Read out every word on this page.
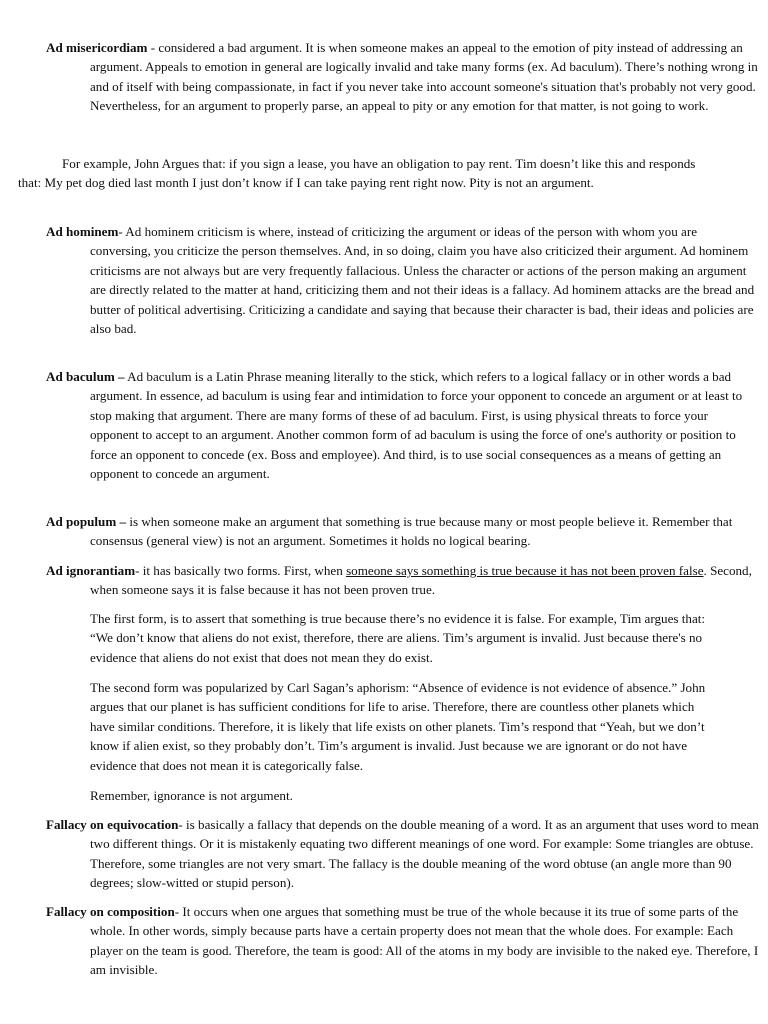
Ad misericordiam - considered a bad argument. It is when someone makes an appeal to the emotion of pity instead of addressing an argument. Appeals to emotion in general are logically invalid and take many forms (ex. Ad baculum). There’s nothing wrong in and of itself with being compassionate, in fact if you never take into account someone's situation that's probably not very good. Nevertheless, for an argument to properly parse, an appeal to pity or any emotion for that matter, is not going to work.

For example, John Argues that: if you sign a lease, you have an obligation to pay rent. Tim doesn’t like this and responds that: My pet dog died last month I just don’t know if I can take paying rent right now. Pity is not an argument.

Ad hominem- Ad hominem criticism is where, instead of criticizing the argument or ideas of the person with whom you are conversing, you criticize the person themselves. And, in so doing, claim you have also criticized their argument. Ad hominem criticisms are not always but are very frequently fallacious. Unless the character or actions of the person making an argument are directly related to the matter at hand, criticizing them and not their ideas is a fallacy. Ad hominem attacks are the bread and butter of political advertising. Criticizing a candidate and saying that because their character is bad, their ideas and policies are also bad.

Ad baculum – Ad baculum is a Latin Phrase meaning literally to the stick, which refers to a logical fallacy or in other words a bad argument. In essence, ad baculum is using fear and intimidation to force your opponent to concede an argument or at least to stop making that argument. There are many forms of these of ad baculum. First, is using physical threats to force your opponent to accept to an argument. Another common form of ad baculum is using the force of one's authority or position to force an opponent to concede (ex. Boss and employee). And third, is to use social consequences as a means of getting an opponent to concede an argument.

Ad populum – is when someone make an argument that something is true because many or most people believe it. Remember that consensus (general view) is not an argument. Sometimes it holds no logical bearing.

Ad ignorantiam- it has basically two forms. First, when someone says something is true because it has not been proven false. Second, when someone says it is false because it has not been proven true.

The first form, is to assert that something is true because there’s no evidence it is false. For example, Tim argues that: “We don’t know that aliens do not exist, therefore, there are aliens. Tim’s argument is invalid. Just because there's no evidence that aliens do not exist that does not mean they do exist.

The second form was popularized by Carl Sagan’s aphorism: “Absence of evidence is not evidence of absence.” John argues that our planet is has sufficient conditions for life to arise. Therefore, there are countless other planets which have similar conditions. Therefore, it is likely that life exists on other planets. Tim’s respond that “Yeah, but we don’t know if alien exist, so they probably don’t. Tim’s argument is invalid. Just because we are ignorant or do not have evidence that does not mean it is categorically false.

Remember, ignorance is not argument.

Fallacy on equivocation- is basically a fallacy that depends on the double meaning of a word. It as an argument that uses word to mean two different things. Or it is mistakenly equating two different meanings of one word. For example: Some triangles are obtuse. Therefore, some triangles are not very smart. The fallacy is the double meaning of the word obtuse (an angle more than 90 degrees; slow-witted or stupid person).

Fallacy on composition- It occurs when one argues that something must be true of the whole because it its true of some parts of the whole. In other words, simply because parts have a certain property does not mean that the whole does. For example: Each player on the team is good. Therefore, the team is good: All of the atoms in my body are invisible to the naked eye. Therefore, I am invisible.
